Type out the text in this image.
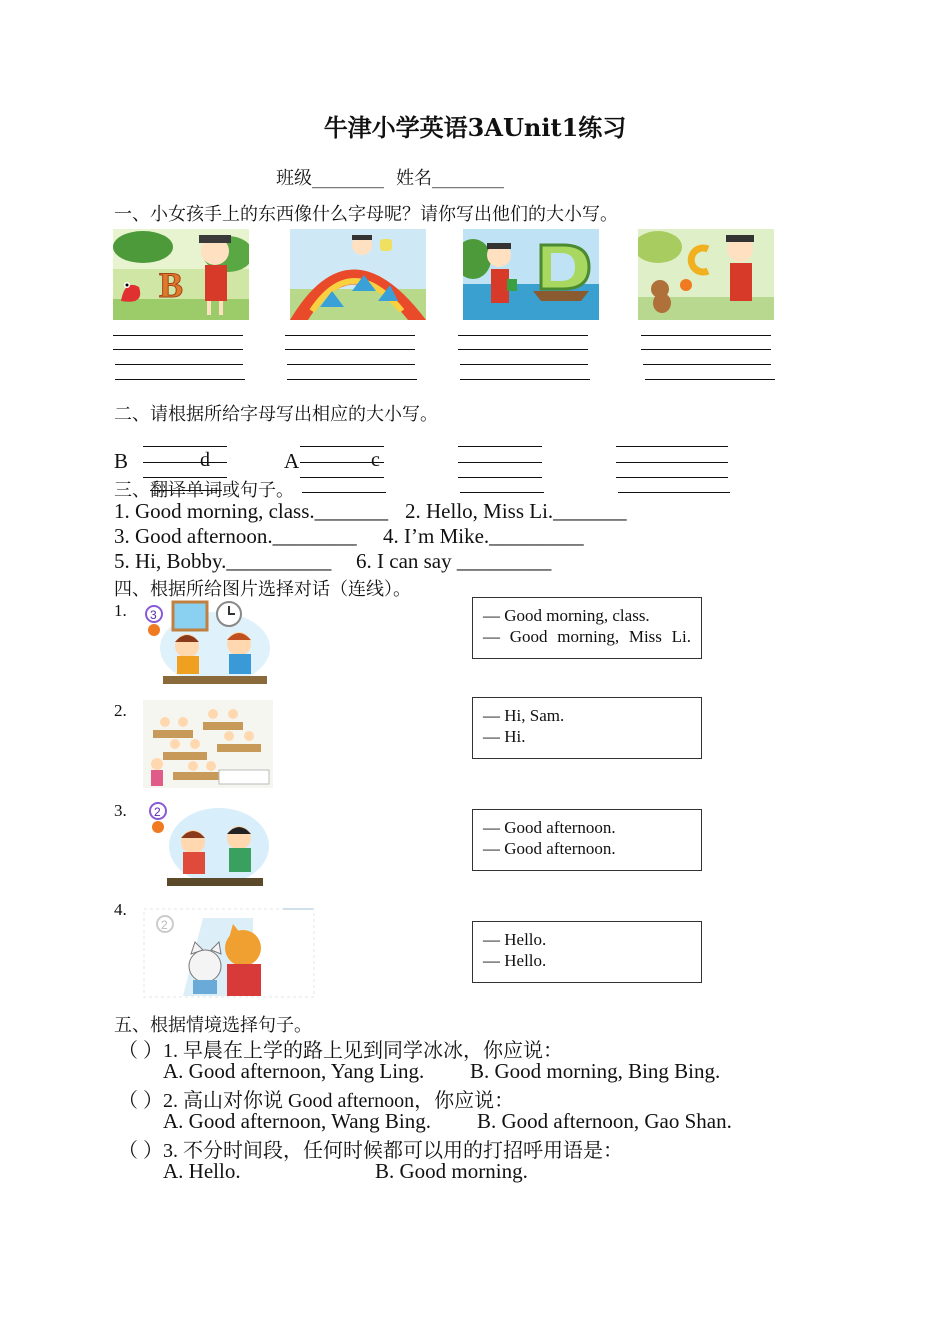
牛津小学英语3AUnit1练习
班级________ 姓名________
一、小女孩手上的东西像什么字母呢？请你写出他们的大小写。
B
二、请根据所给字母写出相应的大小写。
B	d	A	c
三、翻译单词或句子。
1. Good morning, class._______ 2. Hello, Miss Li._______
3. Good afternoon.________ 4. I’m Mike._________
5. Hi, Bobby.__________ 6. I can say _________
四、根据所给图片选择对话（连线）。
1.
2.
3.
4.
3
2
2
— Good morning, class.
— Good morning, Miss Li.
— Hi, Sam.
— Hi.
— Good afternoon.
— Good afternoon.
— Hello.
— Hello.
五、根据情境选择句子。
（ ）1. 早晨在上学的路上见到同学冰冰，你应说：
A. Good afternoon, Yang Ling. B. Good morning, Bing Bing.
（ ）2. 高山对你说 Good afternoon，你应说：
A. Good afternoon, Wang Bing. B. Good afternoon, Gao Shan.
（ ）3. 不分时间段，任何时候都可以用的打招呼用语是：
A. Hello.	B. Good morning.
